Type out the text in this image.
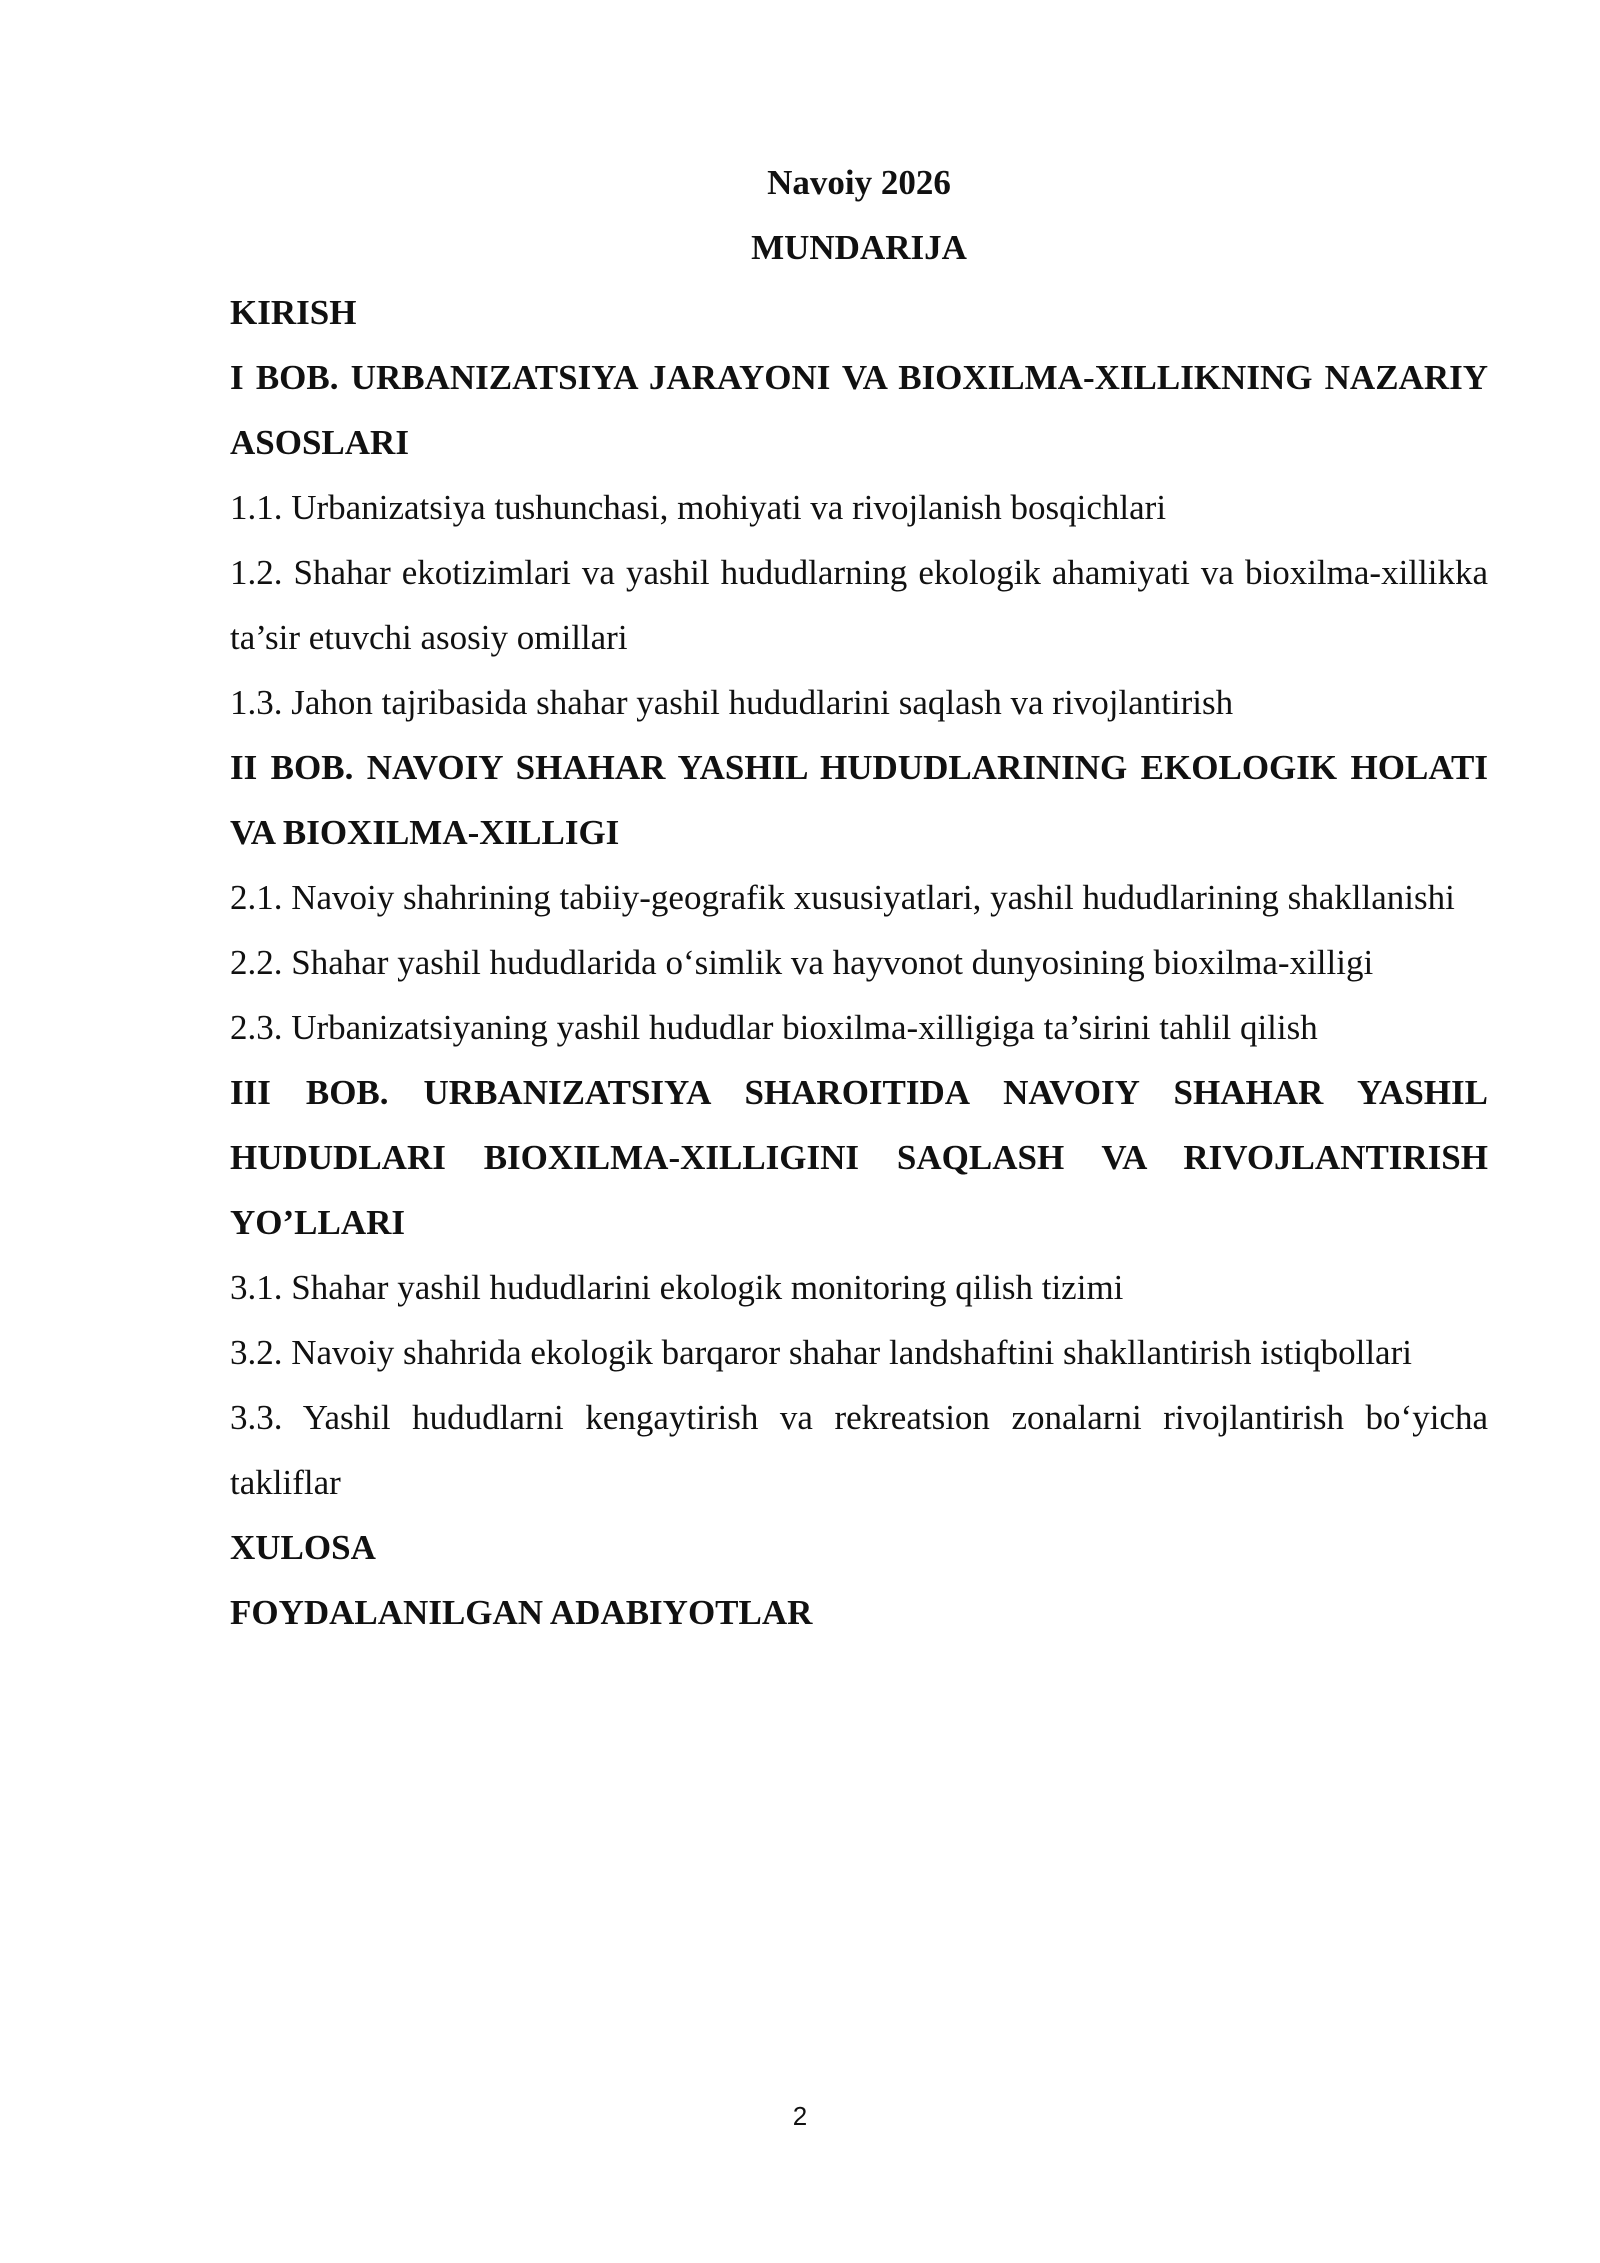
Navoiy 2026

MUNDARIJA

KIRISH

I BOB. URBANIZATSIYA JARAYONI VA BIOXILMA-XILLIKNING NAZARIY ASOSLARI

1.1. Urbanizatsiya tushunchasi, mohiyati va rivojlanish bosqichlari

1.2. Shahar ekotizimlari va yashil hududlarning ekologik ahamiyati va bioxilma-xillikka ta’sir etuvchi asosiy omillari

1.3. Jahon tajribasida shahar yashil hududlarini saqlash va rivojlantirish

II BOB. NAVOIY SHAHAR YASHIL HUDUDLARINING EKOLOGIK HOLATI VA BIOXILMA-XILLIGI

2.1. Navoiy shahrining tabiiy-geografik xususiyatlari, yashil hududlarining shakllanishi

2.2. Shahar yashil hududlarida o‘simlik va hayvonot dunyosining bioxilma-xilligi

2.3. Urbanizatsiyaning yashil hududlar bioxilma-xilligiga ta’sirini tahlil qilish

III BOB. URBANIZATSIYA SHAROITIDA NAVOIY SHAHAR YASHIL HUDUDLARI BIOXILMA-XILLIGINI SAQLASH VA RIVOJLANTIRISH YO’LLARI

3.1. Shahar yashil hududlarini ekologik monitoring qilish tizimi

3.2. Navoiy shahrida ekologik barqaror shahar landshaftini shakllantirish istiqbollari

3.3. Yashil hududlarni kengaytirish va rekreatsion zonalarni rivojlantirish bo‘yicha takliflar

XULOSA

FOYDALANILGAN ADABIYOTLAR

2
